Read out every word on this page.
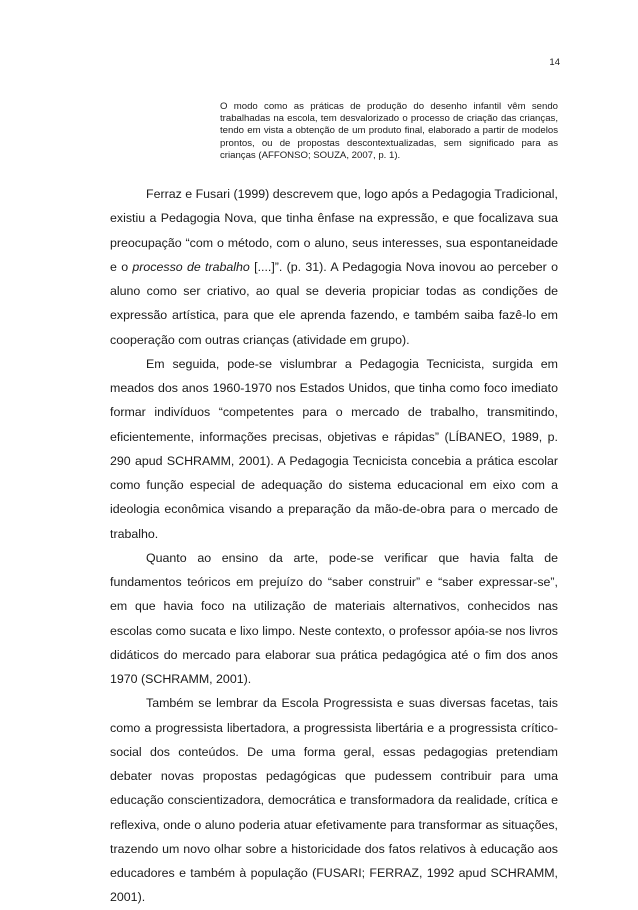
14
O modo como as práticas de produção do desenho infantil vêm sendo trabalhadas na escola, tem desvalorizado o processo de criação das crianças, tendo em vista a obtenção de um produto final, elaborado a partir de modelos prontos, ou de propostas descontextualizadas, sem significado para as crianças (AFFONSO; SOUZA, 2007, p. 1).

Ferraz e Fusari (1999) descrevem que, logo após a Pedagogia Tradicional, existiu a Pedagogia Nova, que tinha ênfase na expressão, e que focalizava sua preocupação “com o método, com o aluno, seus interesses, sua espontaneidade e o processo de trabalho [....]”. (p. 31). A Pedagogia Nova inovou ao perceber o aluno como ser criativo, ao qual se deveria propiciar todas as condições de expressão artística, para que ele aprenda fazendo, e também saiba fazê-lo em cooperação com outras crianças (atividade em grupo).

Em seguida, pode-se vislumbrar a Pedagogia Tecnicista, surgida em meados dos anos 1960-1970 nos Estados Unidos, que tinha como foco imediato formar indivíduos “competentes para o mercado de trabalho, transmitindo, eficientemente, informações precisas, objetivas e rápidas” (LÍBANEO, 1989, p. 290 apud SCHRAMM, 2001). A Pedagogia Tecnicista concebia a prática escolar como função especial de adequação do sistema educacional em eixo com a ideologia econômica visando a preparação da mão-de-obra para o mercado de trabalho.

Quanto ao ensino da arte, pode-se verificar que havia falta de fundamentos teóricos em prejuízo do “saber construir” e “saber expressar-se”, em que havia foco na utilização de materiais alternativos, conhecidos nas escolas como sucata e lixo limpo. Neste contexto, o professor apóia-se nos livros didáticos do mercado para elaborar sua prática pedagógica até o fim dos anos 1970 (SCHRAMM, 2001).

Também se lembrar da Escola Progressista e suas diversas facetas, tais como a progressista libertadora, a progressista libertária e a progressista crítico-social dos conteúdos. De uma forma geral, essas pedagogias pretendiam debater novas propostas pedagógicas que pudessem contribuir para uma educação conscientizadora, democrática e transformadora da realidade, crítica e reflexiva, onde o aluno poderia atuar efetivamente para transformar as situações, trazendo um novo olhar sobre a historicidade dos fatos relativos à educação aos educadores e também à população (FUSARI; FERRAZ, 1992 apud SCHRAMM, 2001).
